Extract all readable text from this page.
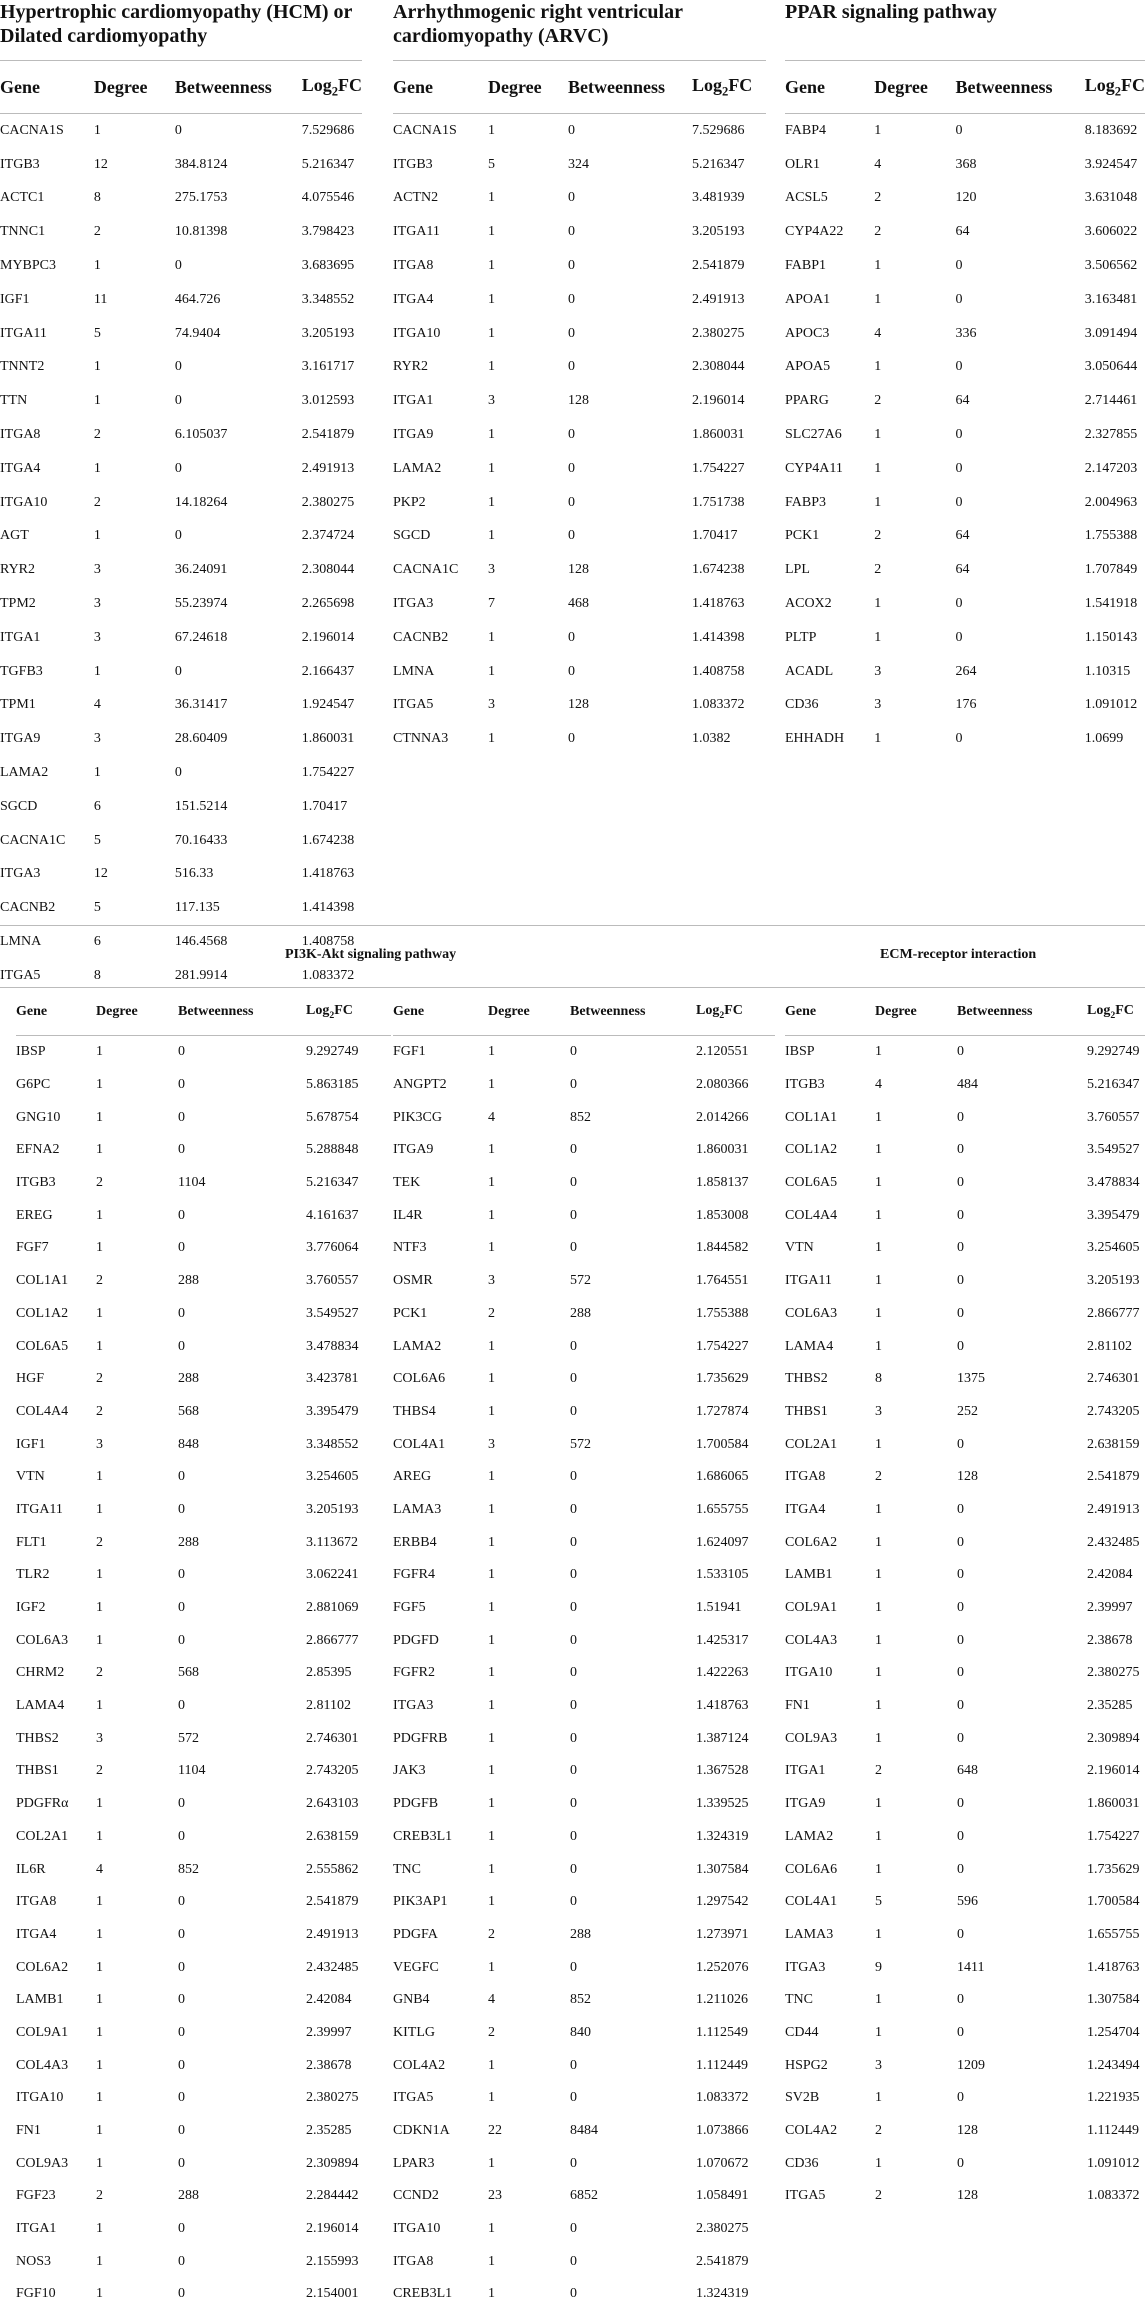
Hypertrophic cardiomyopathy (HCM) or Dilated cardiomyopathy
Gene	Degree	Betweenness	Log$_2$FC
CACNA1S	1	0	7.529686
ITGB3	12	384.8124	5.216347
ACTC1	8	275.1753	4.075546
TNNC1	2	10.81398	3.798423
MYBPC3	1	0	3.683695
IGF1	11	464.726	3.348552
ITGA11	5	74.9404	3.205193
TNNT2	1	0	3.161717
TTN	1	0	3.012593
ITGA8	2	6.105037	2.541879
ITGA4	1	0	2.491913
ITGA10	2	14.18264	2.380275
AGT	1	0	2.374724
RYR2	3	36.24091	2.308044
TPM2	3	55.23974	2.265698
ITGA1	3	67.24618	2.196014
TGFB3	1	0	2.166437
TPM1	4	36.31417	1.924547
ITGA9	3	28.60409	1.860031
LAMA2	1	0	1.754227
SGCD	6	151.5214	1.70417
CACNA1C	5	70.16433	1.674238
ITGA3	12	516.33	1.418763
CACNB2	5	117.135	1.414398
LMNA	6	146.4568	1.408758
ITGA5	8	281.9914	1.083372
Arrhythmogenic right ventricular cardiomyopathy (ARVC)
Gene	Degree	Betweenness	Log$_2$FC
CACNA1S	1	0	7.529686
ITGB3	5	324	5.216347
ACTN2	1	0	3.481939
ITGA11	1	0	3.205193
ITGA8	1	0	2.541879
ITGA4	1	0	2.491913
ITGA10	1	0	2.380275
RYR2	1	0	2.308044
ITGA1	3	128	2.196014
ITGA9	1	0	1.860031
LAMA2	1	0	1.754227
PKP2	1	0	1.751738
SGCD	1	0	1.70417
CACNA1C	3	128	1.674238
ITGA3	7	468	1.418763
CACNB2	1	0	1.414398
LMNA	1	0	1.408758
ITGA5	3	128	1.083372
CTNNA3	1	0	1.0382
PPAR signaling pathway
Gene	Degree	Betweenness	Log$_2$FC
FABP4	1	0	8.183692
OLR1	4	368	3.924547
ACSL5	2	120	3.631048
CYP4A22	2	64	3.606022
FABP1	1	0	3.506562
APOA1	1	0	3.163481
APOC3	4	336	3.091494
APOA5	1	0	3.050644
PPARG	2	64	2.714461
SLC27A6	1	0	2.327855
CYP4A11	1	0	2.147203
FABP3	1	0	2.004963
PCK1	2	64	1.755388
LPL	2	64	1.707849
ACOX2	1	0	1.541918
PLTP	1	0	1.150143
ACADL	3	264	1.10315
CD36	3	176	1.091012
EHHADH	1	0	1.0699
PI3K-Akt signaling pathway	ECM-receptor interaction
Gene	Degree	Betweenness	Log$_2$FC
IBSP	1	0	9.292749
G6PC	1	0	5.863185
GNG10	1	0	5.678754
EFNA2	1	0	5.288848
ITGB3	2	1104	5.216347
EREG	1	0	4.161637
FGF7	1	0	3.776064
COL1A1	2	288	3.760557
COL1A2	1	0	3.549527
COL6A5	1	0	3.478834
HGF	2	288	3.423781
COL4A4	2	568	3.395479
IGF1	3	848	3.348552
VTN	1	0	3.254605
ITGA11	1	0	3.205193
FLT1	2	288	3.113672
TLR2	1	0	3.062241
IGF2	1	0	2.881069
COL6A3	1	0	2.866777
CHRM2	2	568	2.85395
LAMA4	1	0	2.81102
THBS2	3	572	2.746301
THBS1	2	1104	2.743205
PDGFRα	1	0	2.643103
COL2A1	1	0	2.638159
IL6R	4	852	2.555862
ITGA8	1	0	2.541879
ITGA4	1	0	2.491913
COL6A2	1	0	2.432485
LAMB1	1	0	2.42084
COL9A1	1	0	2.39997
COL4A3	1	0	2.38678
ITGA10	1	0	2.380275
FN1	1	0	2.35285
COL9A3	1	0	2.309894
FGF23	2	288	2.284442
ITGA1	1	0	2.196014
NOS3	1	0	2.155993
FGF10	1	0	2.154001
Gene	Degree	Betweenness	Log$_2$FC
FGF1	1	0	2.120551
ANGPT2	1	0	2.080366
PIK3CG	4	852	2.014266
ITGA9	1	0	1.860031
TEK	1	0	1.858137
IL4R	1	0	1.853008
NTF3	1	0	1.844582
OSMR	3	572	1.764551
PCK1	2	288	1.755388
LAMA2	1	0	1.754227
COL6A6	1	0	1.735629
THBS4	1	0	1.727874
COL4A1	3	572	1.700584
AREG	1	0	1.686065
LAMA3	1	0	1.655755
ERBB4	1	0	1.624097
FGFR4	1	0	1.533105
FGF5	1	0	1.51941
PDGFD	1	0	1.425317
FGFR2	1	0	1.422263
ITGA3	1	0	1.418763
PDGFRB	1	0	1.387124
JAK3	1	0	1.367528
PDGFB	1	0	1.339525
CREB3L1	1	0	1.324319
TNC	1	0	1.307584
PIK3AP1	1	0	1.297542
PDGFA	2	288	1.273971
VEGFC	1	0	1.252076
GNB4	4	852	1.211026
KITLG	2	840	1.112549
COL4A2	1	0	1.112449
ITGA5	1	0	1.083372
CDKN1A	22	8484	1.073866
LPAR3	1	0	1.070672
CCND2	23	6852	1.058491
ITGA10	1	0	2.380275
ITGA8	1	0	2.541879
CREB3L1	1	0	1.324319
Gene	Degree	Betweenness	Log$_2$FC
IBSP	1	0	9.292749
ITGB3	4	484	5.216347
COL1A1	1	0	3.760557
COL1A2	1	0	3.549527
COL6A5	1	0	3.478834
COL4A4	1	0	3.395479
VTN	1	0	3.254605
ITGA11	1	0	3.205193
COL6A3	1	0	2.866777
LAMA4	1	0	2.81102
THBS2	8	1375	2.746301
THBS1	3	252	2.743205
COL2A1	1	0	2.638159
ITGA8	2	128	2.541879
ITGA4	1	0	2.491913
COL6A2	1	0	2.432485
LAMB1	1	0	2.42084
COL9A1	1	0	2.39997
COL4A3	1	0	2.38678
ITGA10	1	0	2.380275
FN1	1	0	2.35285
COL9A3	1	0	2.309894
ITGA1	2	648	2.196014
ITGA9	1	0	1.860031
LAMA2	1	0	1.754227
COL6A6	1	0	1.735629
COL4A1	5	596	1.700584
LAMA3	1	0	1.655755
ITGA3	9	1411	1.418763
TNC	1	0	1.307584
CD44	1	0	1.254704
HSPG2	3	1209	1.243494
SV2B	1	0	1.221935
COL4A2	2	128	1.112449
CD36	1	0	1.091012
ITGA5	2	128	1.083372
